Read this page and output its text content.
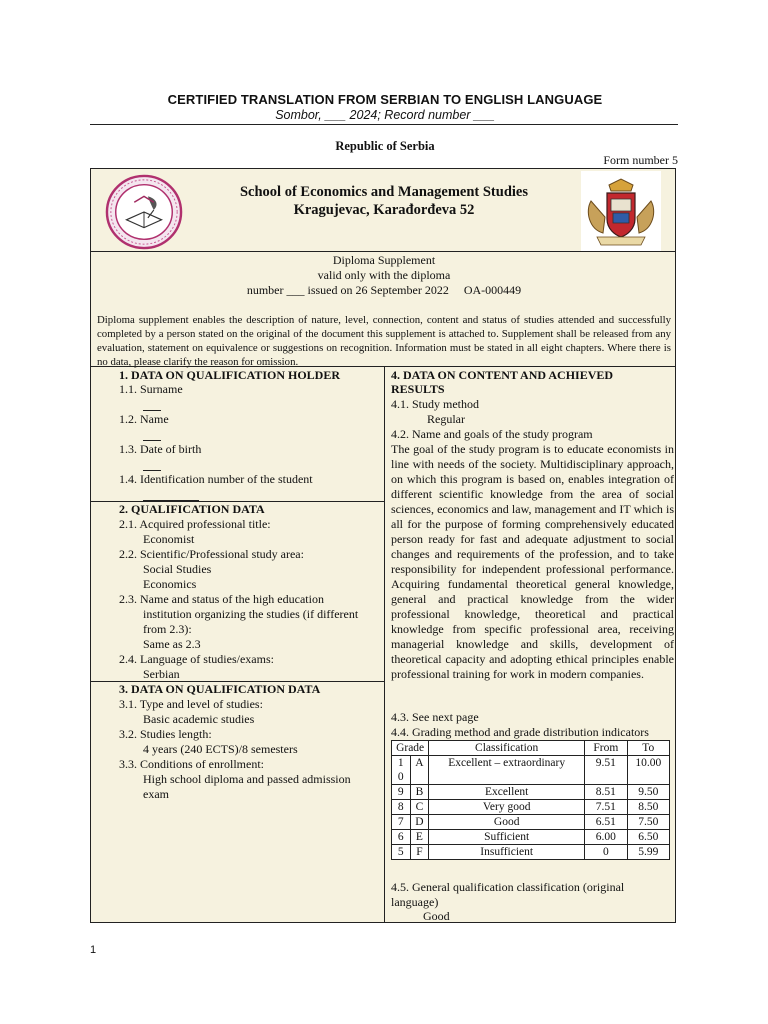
CERTIFIED TRANSLATION FROM SERBIAN TO ENGLISH LANGUAGE
Sombor, ___ 2024; Record number ___
Republic of Serbia
Form number 5
School of Economics and Management Studies
Kragujevac, Karađorđeva 52
Diploma Supplement
valid only with the diploma
number ___ issued on 26 September 2022     OA-000449
Diploma supplement enables the description of nature, level, connection, content and status of studies attended and successfully completed by a person stated on the original of the document this supplement is attached to. Supplement shall be released from any evaluation, statement on equivalence or suggestions on recognition. Information must be stated in all eight chapters. Where there is no data, please clarify the reason for omission.
1. DATA ON QUALIFICATION HOLDER
1.1. Surname
1.2. Name
1.3. Date of birth
1.4. Identification number of the student
2. QUALIFICATION DATA
2.1. Acquired professional title:
Economist
2.2. Scientific/Professional study area:
Social Studies
Economics
2.3. Name and status of the high education
institution organizing the studies (if different
from 2.3):
Same as 2.3
2.4. Language of studies/exams:
Serbian
3. DATA ON QUALIFICATION DATA
3.1. Type and level of studies:
Basic academic studies
3.2. Studies length:
4 years (240 ECTS)/8 semesters
3.3. Conditions of enrollment:
High school diploma and passed admission
exam
4. DATA ON CONTENT AND ACHIEVED
RESULTS
4.1. Study method
Regular
4.2. Name and goals of the study program
The goal of the study program is to educate economists in line with needs of the society. Multidisciplinary approach, on which this program is based on, enables integration of different scientific knowledge from the area of social sciences, economics and law, management and IT which is all for the purpose of forming comprehensively educated person ready for fast and adequate adjustment to social changes and requirements of the profession, and to take responsibility for independent professional performance. Acquiring fundamental theoretical general knowledge, general and practical knowledge from the wider professional knowledge, theoretical and practical knowledge from specific professional area, receiving managerial knowledge and skills, development of theoretical capacity and adopting ethical principles enable professional training for work in modern companies.
4.3. See next page
4.4. Grading method and grade distribution indicators
Grade		Classification	From	To
1
0	A	Excellent – extraordinary	9.51	10.00
9	B	Excellent	8.51	9.50
8	C	Very good	7.51	8.50
7	D	Good	6.51	7.50
6	E	Sufficient	6.00	6.50
5	F	Insufficient	0	5.99
4.5. General qualification classification (original
language)
Good
1
